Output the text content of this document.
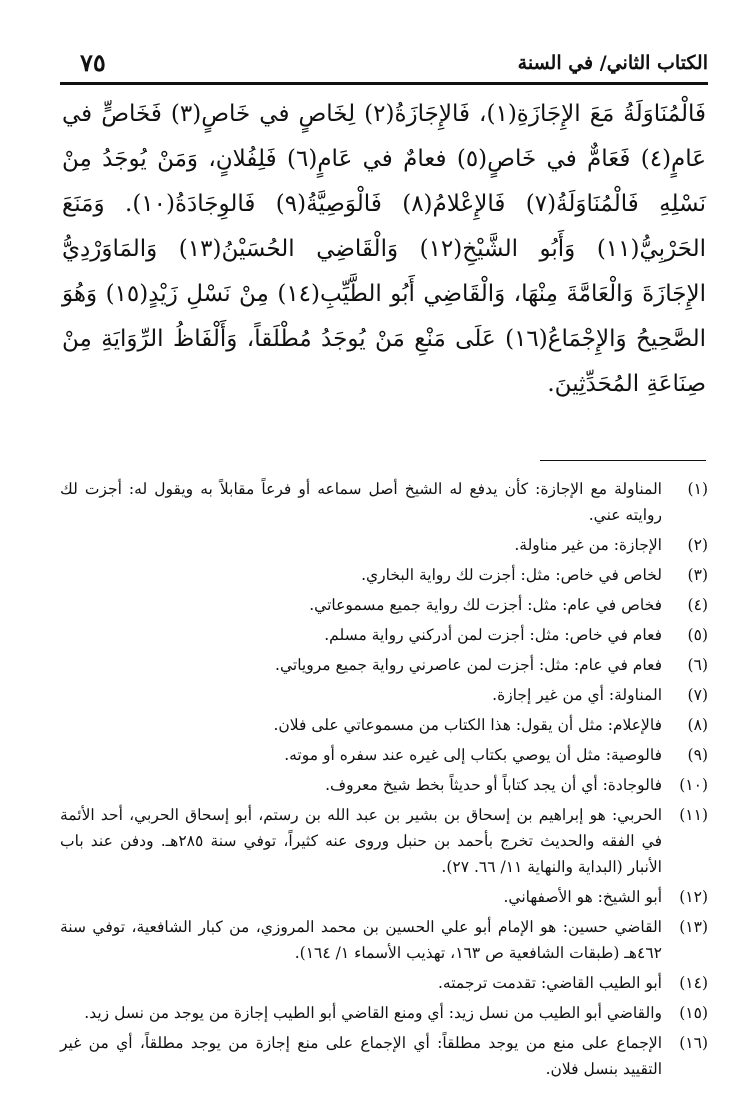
الكتاب الثاني/ في السنة
٧٥

فَالْمُنَاوَلَةُ مَعَ الإِجَازَةِ(١)، فَالإِجَازَةُ(٢) لِخَاصٍ في خَاصٍ(٣) فَخَاصٍّ في عَامٍ(٤) فَعَامٌّ في خَاصٍ(٥) فعامٌ في عَامٍ(٦) فَلِفُلانٍ، وَمَنْ يُوجَدُ مِنْ نَسْلِهِ فَالْمُنَاوَلَةُ(٧) فَالإِعْلامُ(٨) فَالْوَصِيَّةُ(٩) فَالوِجَادَةُ(١٠). وَمَنَعَ الحَرْبِيُّ(١١) وَأَبُو الشَّيْخِ(١٢) وَالْقَاضِي الحُسَيْنُ(١٣) وَالمَاوَرْدِيُّ الإِجَازَةَ وَالْعَامَّةَ مِنْهَا، وَالْقَاضِي أَبُو الطَّيِّبِ(١٤) مِنْ نَسْلِ زَيْدٍ(١٥) وَهُوَ الصَّحِيحُ وَالإِجْمَاعُ(١٦) عَلَى مَنْعِ مَنْ يُوجَدُ مُطْلَقاً، وَأَلْفَاظُ الرِّوَايَةِ مِنْ صِنَاعَةِ المُحَدِّثِينَ.

(١)
المناولة مع الإجازة: كأن يدفع له الشيخ أصل سماعه أو فرعاً مقابلاً به ويقول له: أجزت لك روايته عني.
(٢)
الإجازة: من غير مناولة.
(٣)
لخاص في خاص: مثل: أجزت لك رواية البخاري.
(٤)
فخاص في عام: مثل: أجزت لك رواية جميع مسموعاتي.
(٥)
فعام في خاص: مثل: أجزت لمن أدركني رواية مسلم.
(٦)
فعام في عام: مثل: أجزت لمن عاصرني رواية جميع مروياتي.
(٧)
المناولة: أي من غير إجازة.
(٨)
فالإعلام: مثل أن يقول: هذا الكتاب من مسموعاتي على فلان.
(٩)
فالوصية: مثل أن يوصي بكتاب إلى غيره عند سفره أو موته.
(١٠)
فالوجادة: أي أن يجد كتاباً أو حديثاً بخط شيخ معروف.
(١١)
الحربي: هو إبراهيم بن إسحاق بن بشير بن عبد الله بن رستم، أبو إسحاق الحربي، أحد الأئمة في الفقه والحديث تخرج بأحمد بن حنبل وروى عنه كثيراً، توفي سنة ٢٨٥هـ. ودفن عند باب الأنبار (البداية والنهاية ١١/ ٦٦. ٢٧).
(١٢)
أبو الشيخ: هو الأصفهاني.
(١٣)
القاضي حسين: هو الإمام أبو علي الحسين بن محمد المروزي، من كبار الشافعية، توفي سنة ٤٦٢هـ (طبقات الشافعية ص ١٦٣، تهذيب الأسماء ١/ ١٦٤).
(١٤)
أبو الطيب القاضي: تقدمت ترجمته.
(١٥)
والقاضي أبو الطيب من نسل زيد: أي ومنع القاضي أبو الطيب إجازة من يوجد من نسل زيد.
(١٦)
الإجماع على منع من يوجد مطلقاً: أي الإجماع على منع إجازة من يوجد مطلقاً، أي من غير التقييد بنسل فلان.
